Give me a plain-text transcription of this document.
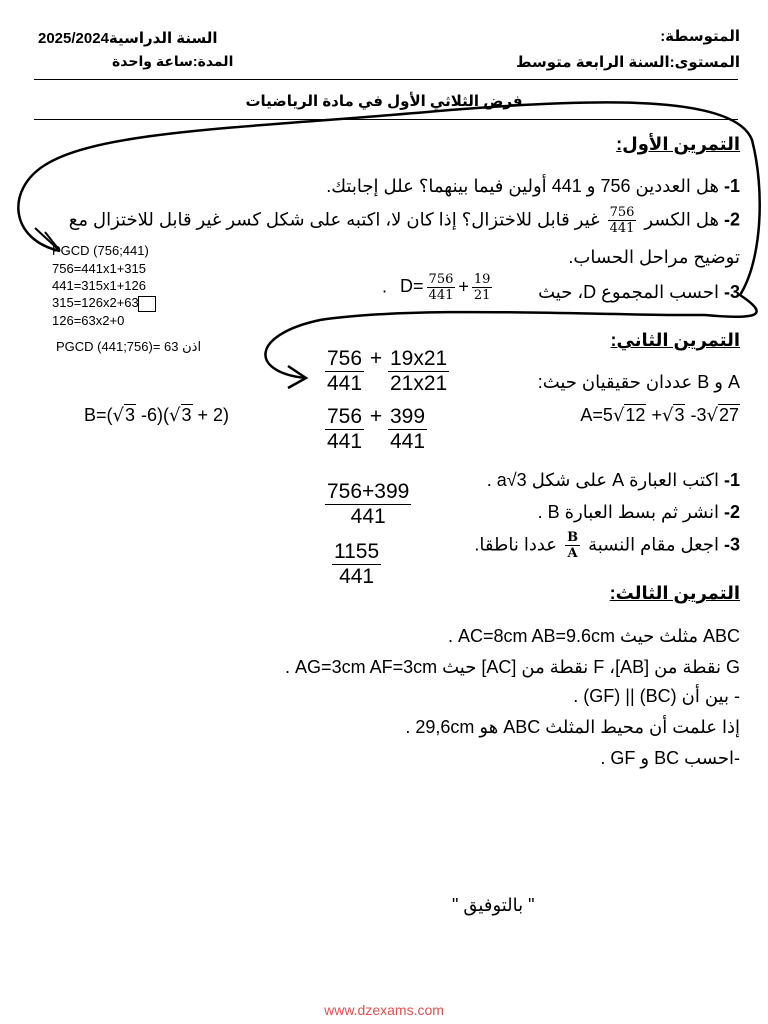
المتوسطة:
المستوى:السنة الرابعة متوسط
السنة الدراسية2025/2024
المدة:ساعة واحدة
فرض الثلاثي الأول في مادة الرياضيات
التمرين الأول:
1- هل العددين 756 و 441 أولين فيما بينهما؟ علل إجابتك.
2- هل الكسر
$\frac{756}{441}$
غير قابل للاختزال؟ إذا كان لا، اكتبه على شكل كسر غير قابل للاختزال مع
توضيح مراحل الحساب.
3- احسب المجموع D، حيث
. $D= \frac{756}{441} + \frac{19}{21}$
PGCD (756;441)
756=441x1+315
441=315x1+126
315=126x2+63
126=63x2+0
PGCD (441;756)= 63 اذن	التمرين الثاني:
A و B عددان حقيقيان حيث:
A=5√12 +√3 -3√27
B=(√3 -6)(√3 + 2)
$\frac{756}{441} + \frac{19x21}{21x21}$
$\frac{756}{441} + \frac{399}{441}$
$\frac{756+399}{441}$
$\frac{1155}{441}$
1- اكتب العبارة A على شكل a√3 .
2- انشر ثم بسط العبارة B .
3- اجعل مقام النسبة
$\frac{B}{A}$
عددا ناطقا.
التمرين الثالث:
ABC مثلث حيث AC=8cm AB=9.6cm .
G نقطة من [AB]، F نقطة من [AC] حيث AG=3cm AF=3cm .
- بين أن (BC) || (GF) .
إذا علمت أن محيط المثلث ABC هو 29,6cm .
-احسب BC و GF .
" بالتوفيق "
www.dzexams.com
